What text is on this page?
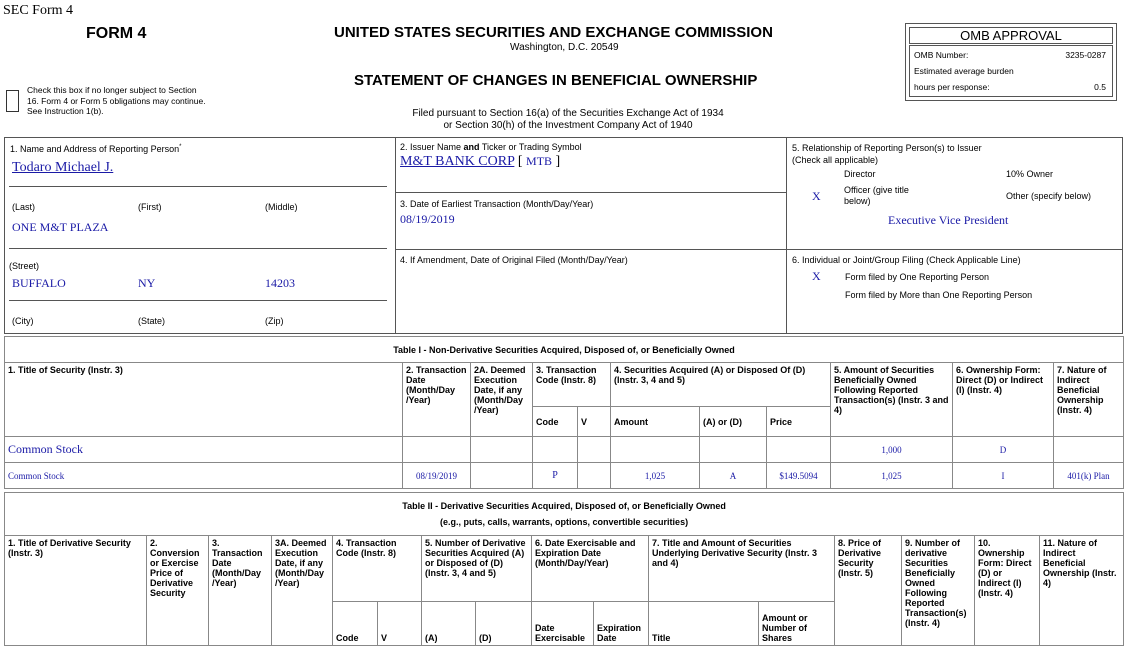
SEC Form 4
FORM 4	UNITED STATES SECURITIES AND EXCHANGE COMMISSION
Washington, D.C. 20549
STATEMENT OF CHANGES IN BENEFICIAL OWNERSHIP
Filed pursuant to Section 16(a) of the Securities Exchange Act of 1934
or Section 30(h) of the Investment Company Act of 1940
Check this box if no longer subject to Section
16. Form 4 or Form 5 obligations may continue.
See Instruction 1(b).
OMB APPROVAL
OMB Number:	3235-0287
Estimated average burden
hours per response:	0.5
1. Name and Address of Reporting Person*
Todaro Michael J.
(Last)	(First)	(Middle)
ONE M&T PLAZA
(Street)
BUFFALO	NY	14203
(City)	(State)	(Zip)
2. Issuer Name and Ticker or Trading Symbol
M&T BANK CORP [ MTB ]
3. Date of Earliest Transaction (Month/Day/Year)
08/19/2019
4. If Amendment, Date of Original Filed (Month/Day/Year)
5. Relationship of Reporting Person(s) to Issuer
(Check all applicable)
Director	10% Owner
X	Officer (give title
below)	Other (specify below)
Executive Vice President
6. Individual or Joint/Group Filing (Check Applicable Line)
X	Form filed by One Reporting Person
Form filed by More than One Reporting Person
Table I - Non-Derivative Securities Acquired, Disposed of, or Beneficially Owned										
1. Title of Security (Instr. 3)	2. Transaction Date (Month/Day /Year)	2A. Deemed Execution Date, if any (Month/Day /Year)	3. Transaction Code (Instr. 8)		4. Securities Acquired (A) or Disposed Of (D) (Instr. 3, 4 and 5)			5. Amount of Securities Beneficially Owned Following Reported Transaction(s) (Instr. 3 and 4)	6. Ownership Form: Direct (D) or Indirect (I) (Instr. 4)	7. Nature of Indirect Beneficial Ownership (Instr. 4)
			Code	V	Amount	(A) or (D)	Price			
Common Stock								1,000	D	
Common Stock	08/19/2019		P		1,025	A	$149.5094	1,025	I	401(k) Plan
Table II - Derivative Securities Acquired, Disposed of, or Beneficially Owned
(e.g., puts, calls, warrants, options, convertible securities)															

1. Title of Derivative Security (Instr. 3)	2. Conversion or Exercise Price of Derivative Security	3. Transaction Date (Month/Day /Year)	3A. Deemed Execution Date, if any (Month/Day /Year)	4. Transaction Code (Instr. 8)		5. Number of Derivative Securities Acquired (A) or Disposed of (D) (Instr. 3, 4 and 5)		6. Date Exercisable and Expiration Date (Month/Day/Year)		7. Title and Amount of Securities Underlying Derivative Security (Instr. 3 and 4)		8. Price of Derivative Security (Instr. 5)	9. Number of derivative Securities Beneficially Owned Following Reported Transaction(s) (Instr. 4)	10. Ownership Form: Direct (D) or Indirect (I) (Instr. 4)	11. Nature of Indirect Beneficial Ownership (Instr. 4)
				Code	V	(A)	(D)	Date Exercisable	Expiration Date	Title	Amount or Number of Shares				
